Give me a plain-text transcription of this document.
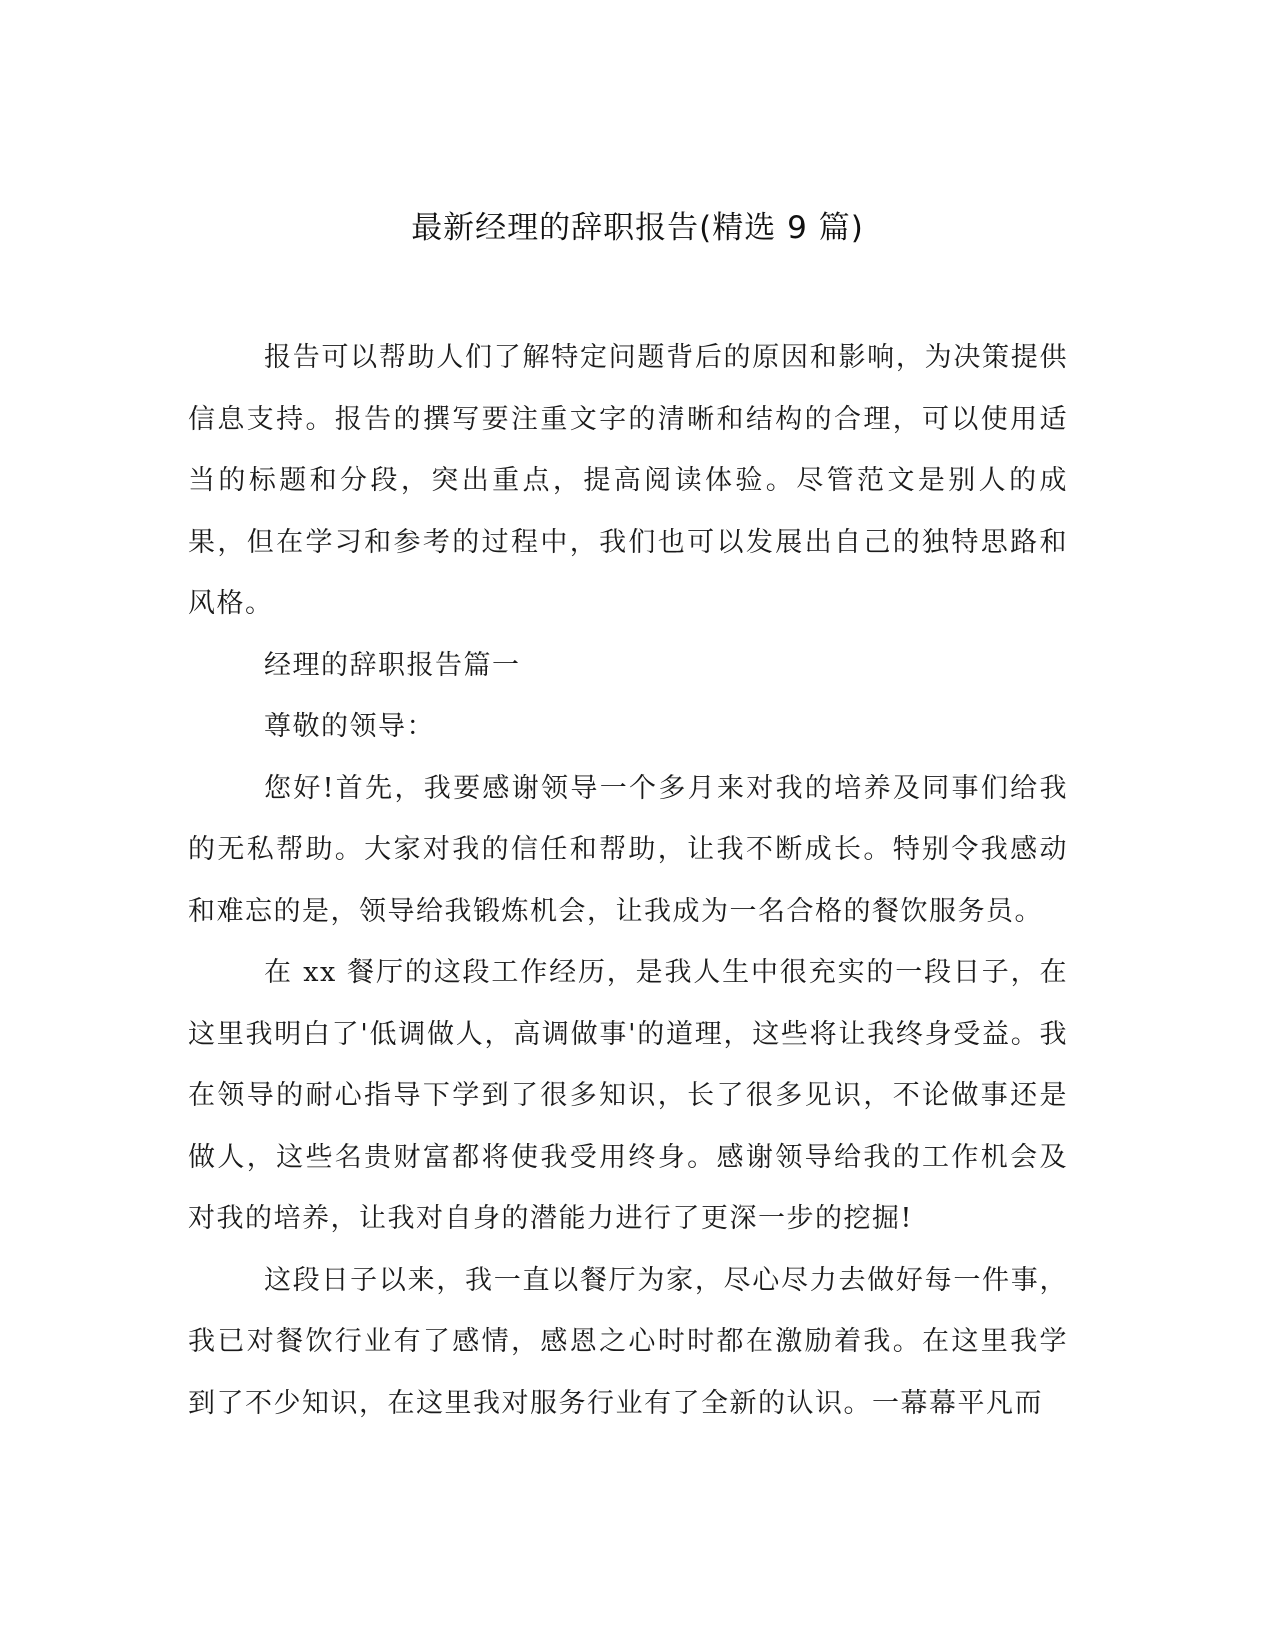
最新经理的辞职报告(精选 9 篇)

报告可以帮助人们了解特定问题背后的原因和影响，为决策提供信息支持。报告的撰写要注重文字的清晰和结构的合理，可以使用适当的标题和分段，突出重点，提高阅读体验。尽管范文是别人的成果，但在学习和参考的过程中，我们也可以发展出自己的独特思路和风格。

经理的辞职报告篇一

尊敬的领导：

您好!首先，我要感谢领导一个多月来对我的培养及同事们给我的无私帮助。大家对我的信任和帮助，让我不断成长。特别令我感动和难忘的是，领导给我锻炼机会，让我成为一名合格的餐饮服务员。

在 xx 餐厅的这段工作经历，是我人生中很充实的一段日子，在这里我明白了'低调做人，高调做事'的道理，这些将让我终身受益。我在领导的耐心指导下学到了很多知识，长了很多见识，不论做事还是做人，这些名贵财富都将使我受用终身。感谢领导给我的工作机会及对我的培养，让我对自身的潜能力进行了更深一步的挖掘!

这段日子以来，我一直以餐厅为家，尽心尽力去做好每一件事，我已对餐饮行业有了感情，感恩之心时时都在激励着我。在这里我学到了不少知识，在这里我对服务行业有了全新的认识。一幕幕平凡而
